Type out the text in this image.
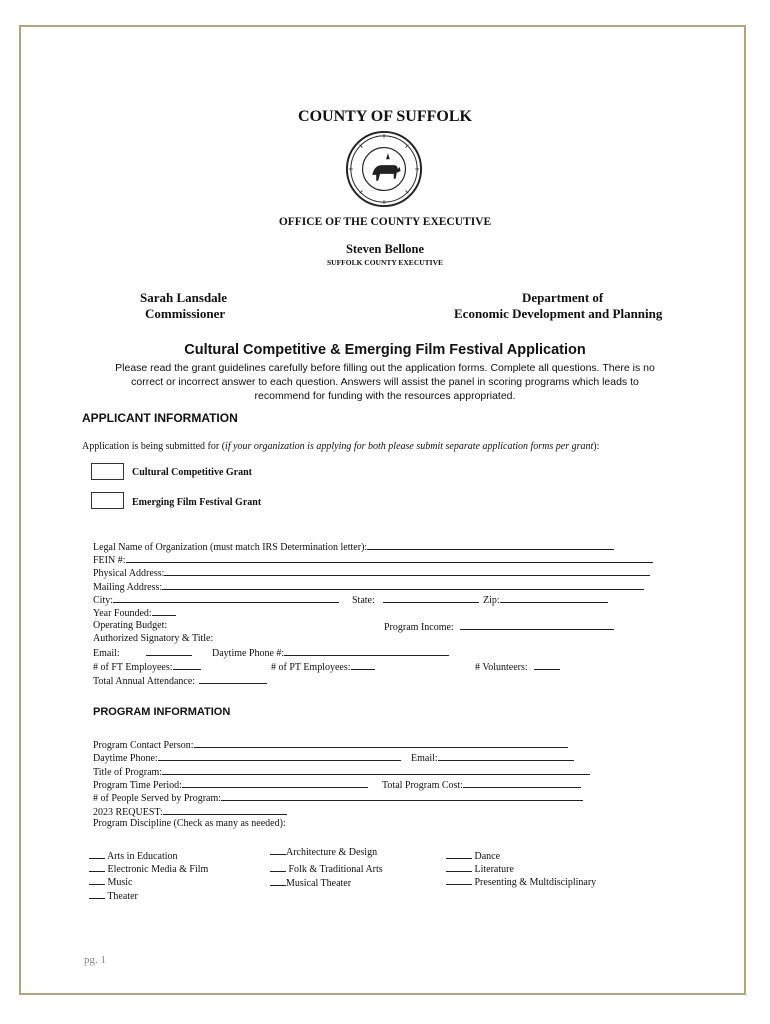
COUNTY OF SUFFOLK
OFFICE OF THE COUNTY EXECUTIVE
Steven Bellone
SUFFOLK COUNTY EXECUTIVE
Sarah Lansdale
Commissioner
Department of
Economic Development and Planning
Cultural Competitive & Emerging Film Festival Application
Please read the grant guidelines carefully before filling out the application forms. Complete all questions. There is no
correct or incorrect answer to each question. Answers will assist the panel in scoring programs which leads to
recommend for funding with the resources appropriated.
APPLICANT INFORMATION
Application is being submitted for (if your organization is applying for both please submit separate application forms per grant):
Cultural Competitive Grant
Emerging Film Festival Grant
Legal Name of Organization (must match IRS Determination letter):
FEIN #:
Physical Address:
Mailing Address:
City:	State:	Zip:
Year Founded:
Operating Budget:	Program Income:
Authorized Signatory & Title:
Email:	Daytime Phone #:
# of FT Employees:	# of PT Employees:	# Volunteers:
Total Annual Attendance:
PROGRAM INFORMATION
Program Contact Person:
Daytime Phone:	Email:
Title of Program:
Program Time Period:	Total Program Cost:
# of People Served by Program:
2023 REQUEST:
Program Discipline (Check as many as needed):
Arts in Education
Electronic Media & Film
Music
Theater
Architecture & Design
Folk & Traditional Arts
Musical Theater
Dance
Literature
Presenting & Multdisciplinary
pg. 1
